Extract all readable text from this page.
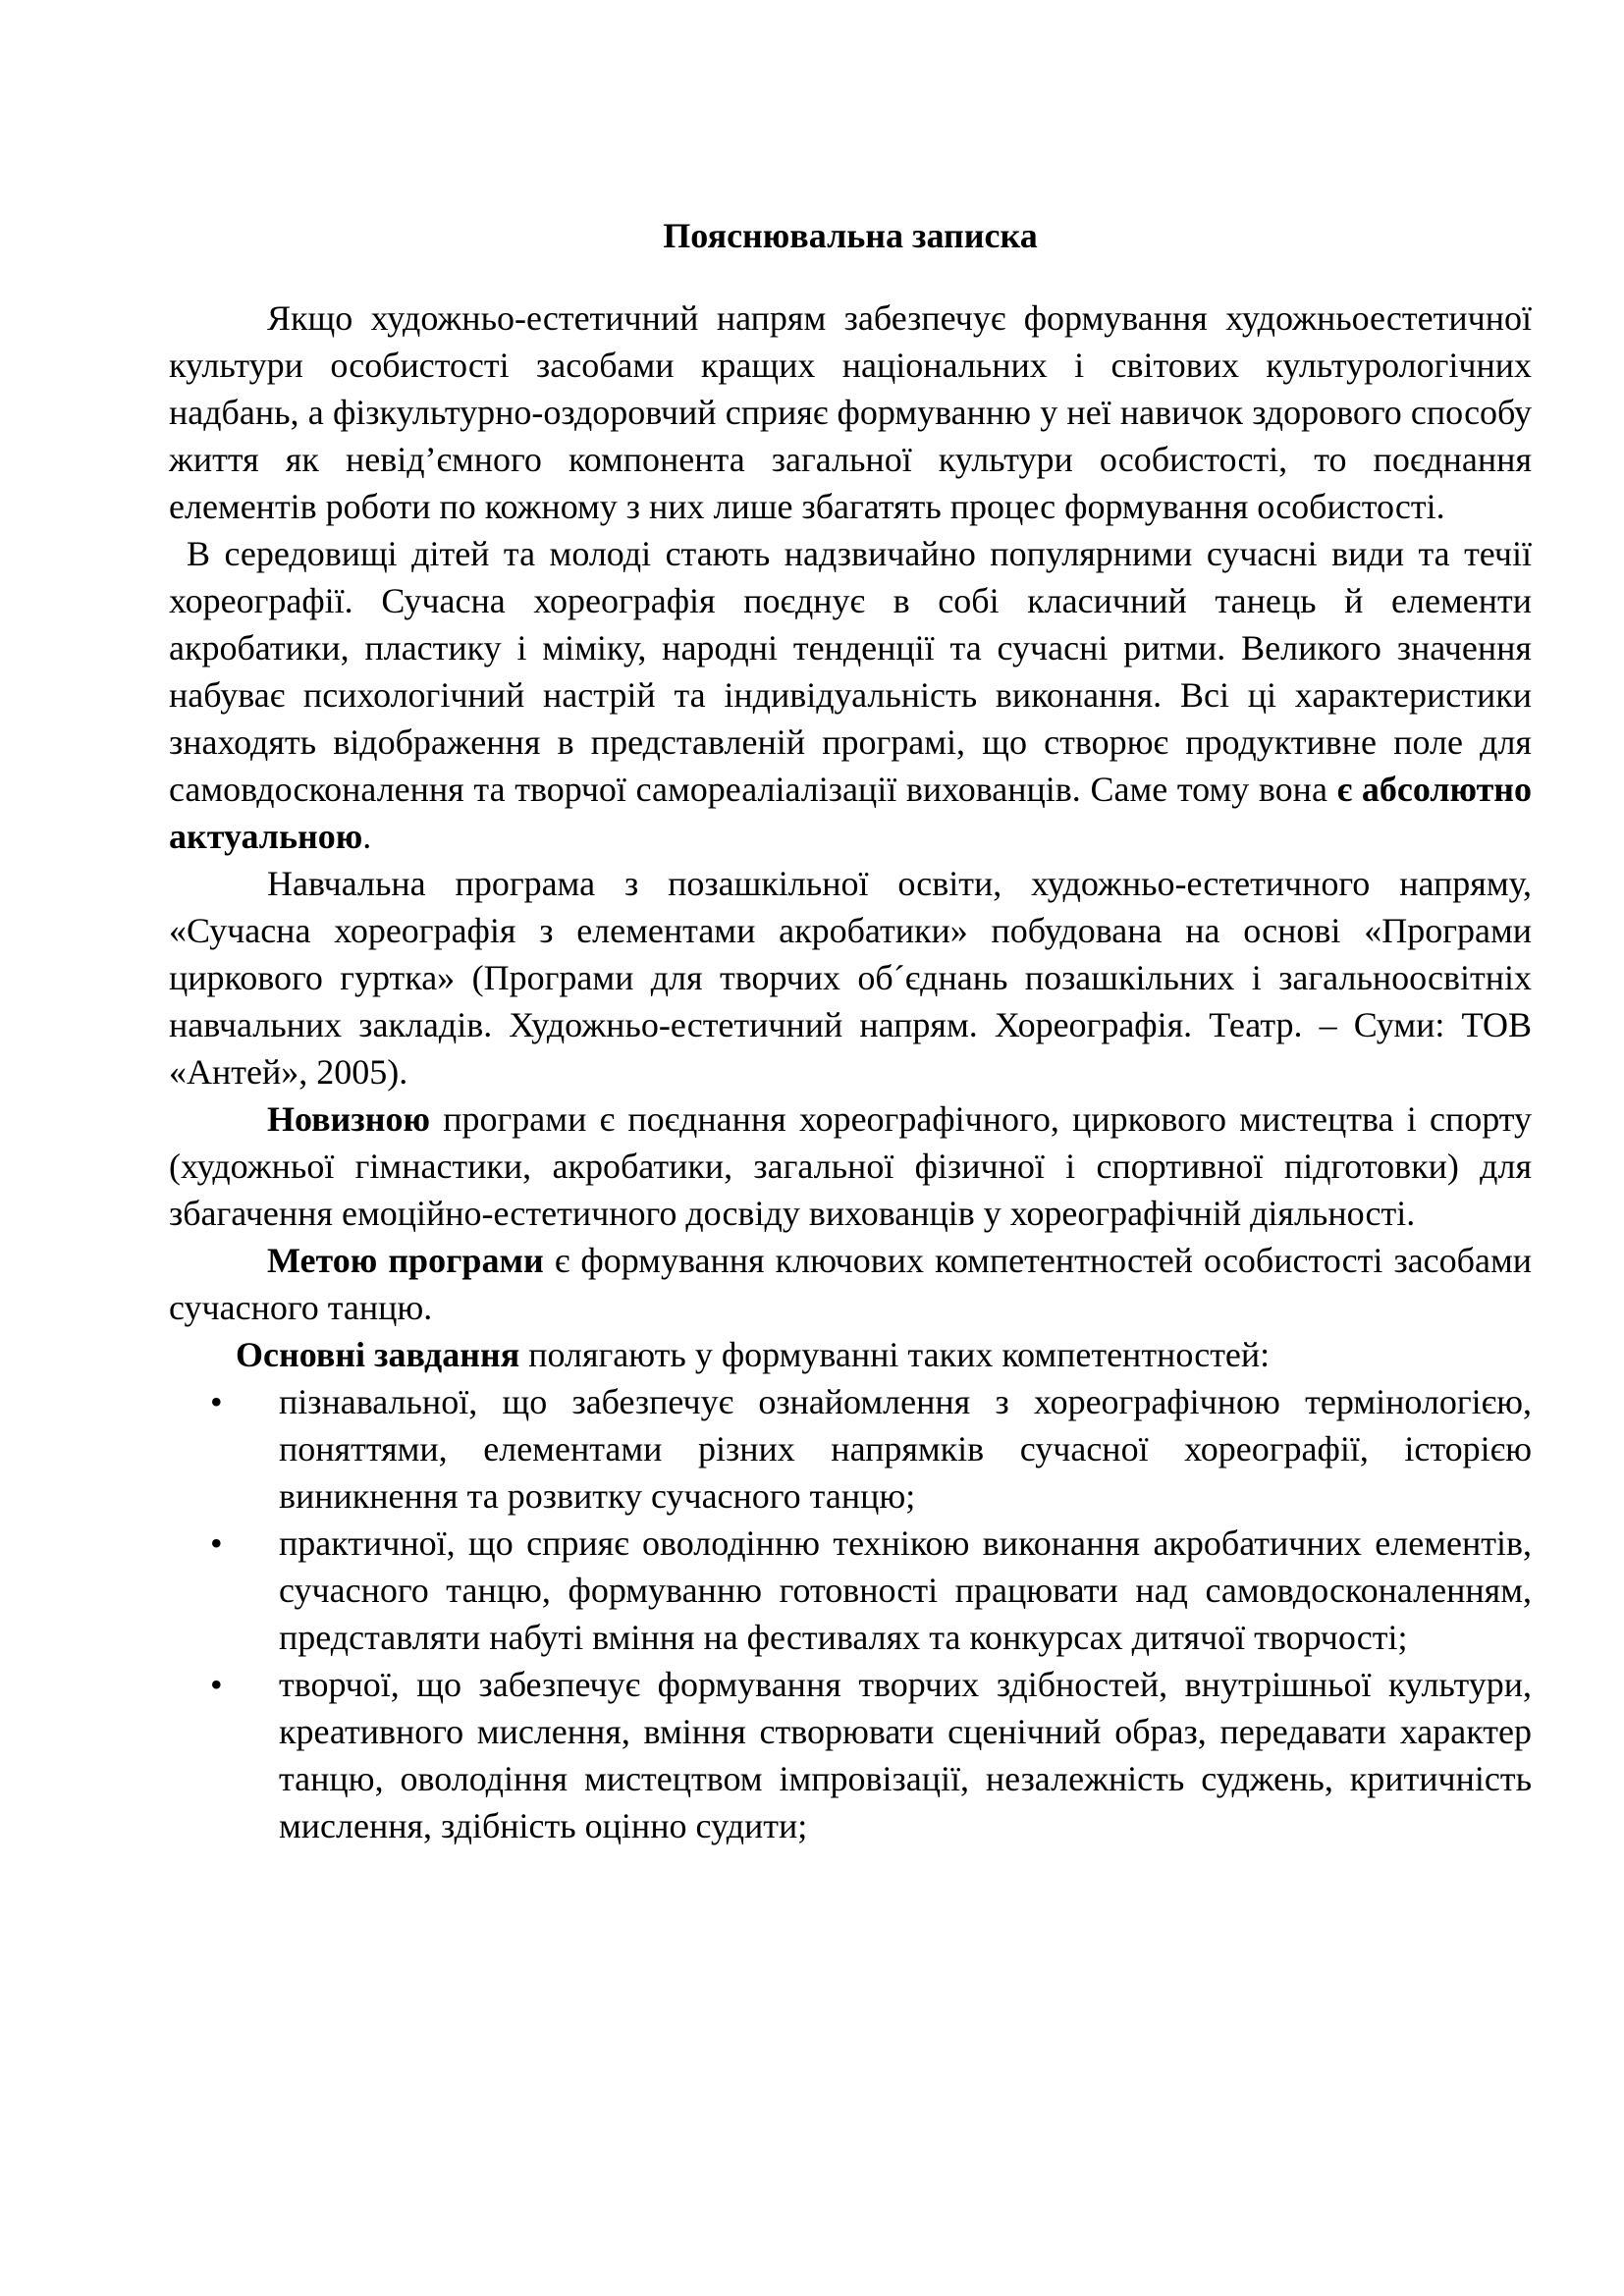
Пояснювальна записка

Якщо художньо-естетичний напрям забезпечує формування художньоестетичної культури особистості засобами кращих національних і світових культурологічних надбань, а фізкультурно-оздоровчий сприяє формуванню у неї навичок здорового способу життя як невід’ємного компонента загальної культури особистості, то поєднання елементів роботи по кожному з них лише збагатять процес формування особистості.

В середовищі дітей та молоді стають надзвичайно популярними сучасні види та течії хореографії. Сучасна хореографія поєднує в собі класичний танець й елементи акробатики, пластику і міміку, народні тенденції та сучасні ритми. Великого значення набуває психологічний настрій та індивідуальність виконання. Всі ці характеристики знаходять відображення в представленій програмі, що створює продуктивне поле для самовдосконалення та творчої самореаліалізації вихованців. Саме тому вона є абсолютно актуальною.

Навчальна програма з позашкільної освіти, художньо-естетичного напряму, «Сучасна хореографія з елементами акробатики» побудована на основі «Програми циркового гуртка» (Програми для творчих об´єднань позашкільних і загальноосвітніх навчальних закладів. Художньо-естетичний напрям. Хореографія. Театр. – Суми: ТОВ «Антей», 2005).

Новизною програми є поєднання хореографічного, циркового мистецтва і спорту (художньої гімнастики, акробатики, загальної фізичної і спортивної підготовки) для збагачення емоційно-естетичного досвіду вихованців у хореографічній діяльності.

Метою програми є формування ключових компетентностей особистості засобами сучасного танцю.

Основні завдання полягають у формуванні таких компетентностей:

• пізнавальної, що забезпечує ознайомлення з хореографічною термінологією, поняттями, елементами різних напрямків сучасної хореографії, історією виникнення та розвитку сучасного танцю;
• практичної, що сприяє оволодінню технікою виконання акробатичних елементів, сучасного танцю, формуванню готовності працювати над самовдосконаленням, представляти набуті вміння на фестивалях та конкурсах дитячої творчості;
• творчої, що забезпечує формування творчих здібностей, внутрішньої культури, креативного мислення, вміння створювати сценічний образ, передавати характер танцю, оволодіння мистецтвом імпровізації, незалежність суджень, критичність мислення, здібність оцінно судити;
